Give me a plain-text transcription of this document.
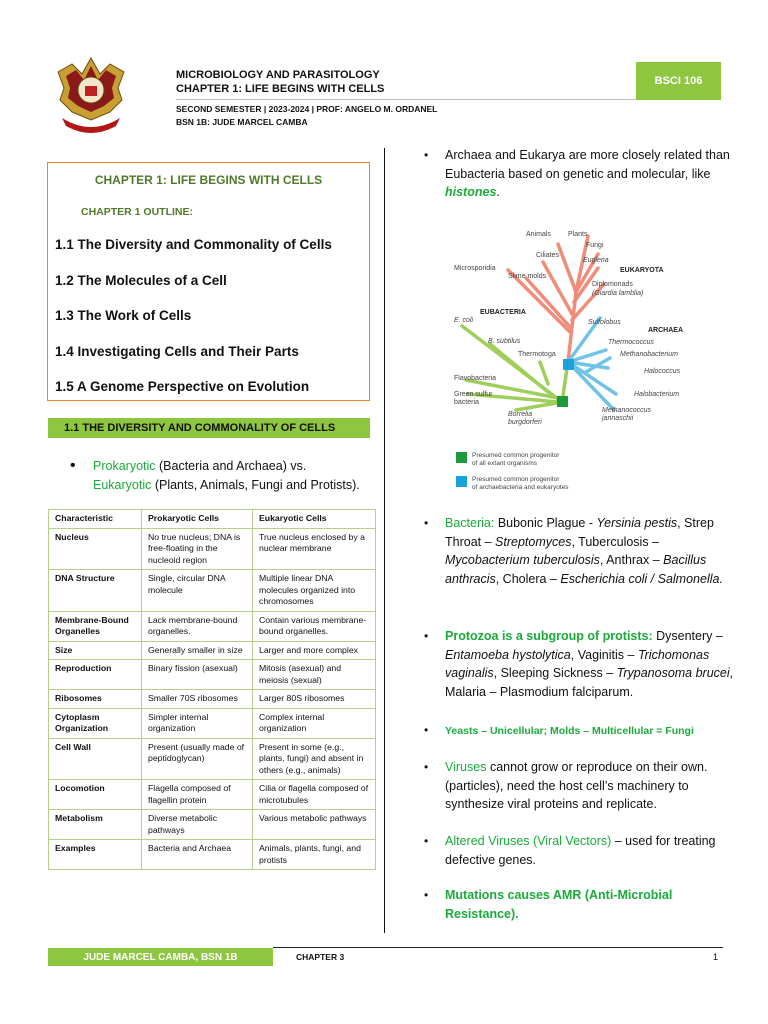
MICROBIOLOGY AND PARASITOLOGY
CHAPTER 1: LIFE BEGINS WITH CELLS
SECOND SEMESTER | 2023-2024 | PROF: ANGELO M. ORDANEL
BSN 1B: JUDE MARCEL CAMBA
BSCI 106
CHAPTER 1: LIFE BEGINS WITH CELLS
CHAPTER 1 OUTLINE:
1.1 The Diversity and Commonality of Cells
1.2 The Molecules of a Cell
1.3 The Work of Cells
1.4 Investigating Cells and Their Parts
1.5 A Genome Perspective on Evolution
1.1 THE DIVERSITY AND COMMONALITY OF CELLS
• Prokaryotic (Bacteria and Archaea) vs.
Eukaryotic (Plants, Animals, Fungi and Protists).
Characteristic	Prokaryotic Cells	Eukaryotic Cells
Nucleus	No true nucleus; DNA is free-floating in the nucleoid region	True nucleus enclosed by a nuclear membrane
DNA Structure	Single, circular DNA molecule	Multiple linear DNA molecules organized into chromosomes
Membrane-Bound Organelles	Lack membrane-bound organelles.	Contain various membrane-bound organelles.
Size	Generally smaller in size	Larger and more complex
Reproduction	Binary fission (asexual)	Mitosis (asexual) and meiosis (sexual)
Ribosomes	Smaller 70S ribosomes	Larger 80S ribosomes
Cytoplasm Organization	Simpler internal organization	Complex internal organization
Cell Wall	Present (usually made of peptidoglycan)	Present in some (e.g., plants, fungi) and absent in others (e.g., animals)
Locomotion	Flagella composed of flagellin protein	Cilia or flagella composed of microtubules
Metabolism	Diverse metabolic pathways	Various metabolic pathways
Examples	Bacteria and Archaea	Animals, plants, fungi, and protists
• Archaea and Eukarya are more closely related than Eubacteria based on genetic and molecular, like histones.
Animals Plants
Fungi
Ciliates
Euglena
Microsporidia
Slime molds
Diplomonads
(Giardia lamblia)
EUKARYOTA
EUBACTERIA
E. coli
B. subtilus
Thermotoga
Flavobacteria
Green sulfur
bacteria
Borrelia
burgdorferi
Sulfolobus
ARCHAEA
Thermococcus
Methanobacterium
Halococcus
Halobacterium
Methanococcus
jannaschii
Presumed common progenitor
of all extant organisms
Presumed common progenitor
of archaebacteria and eukaryotes
• Bacteria: Bubonic Plague - Yersinia pestis, Strep Throat – Streptomyces, Tuberculosis – Mycobacterium tuberculosis, Anthrax – Bacillus anthracis, Cholera – Escherichia coli / Salmonella.
• Protozoa is a subgroup of protists: Dysentery – Entamoeba hystolytica, Vaginitis – Trichomonas vaginalis, Sleeping Sickness – Trypanosoma brucei, Malaria – Plasmodium falciparum.
• Yeasts – Unicellular; Molds – Multicellular = Fungi
• Viruses cannot grow or reproduce on their own. (particles), need the host cell’s machinery to synthesize viral proteins and replicate.
• Altered Viruses (Viral Vectors) – used for treating defective genes.
• Mutations causes AMR (Anti-Microbial Resistance).
JUDE MARCEL CAMBA, BSN 1B	CHAPTER 3	1
